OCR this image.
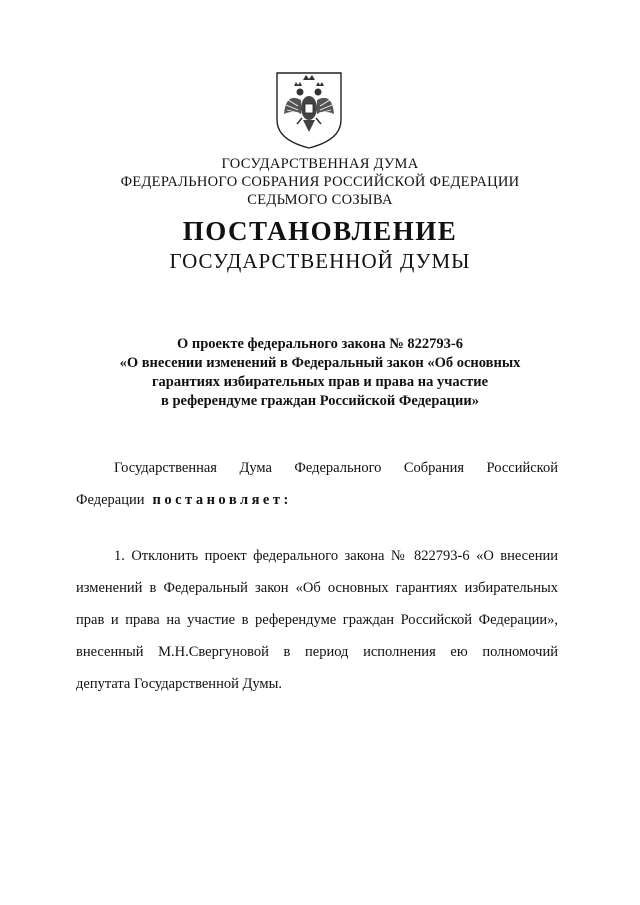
ГОСУДАРСТВЕННАЯ ДУМА
ФЕДЕРАЛЬНОГО СОБРАНИЯ РОССИЙСКОЙ ФЕДЕРАЦИИ
СЕДЬМОГО СОЗЫВА
ПОСТАНОВЛЕНИЕ
ГОСУДАРСТВЕННОЙ ДУМЫ
О проекте федерального закона № 822793-6
«О внесении изменений в Федеральный закон «Об основных
гарантиях избирательных прав и права на участие
в референдуме граждан Российской Федерации»
Государственная Дума Федерального Собрания Российской
Федерации постановляет:
1. Отклонить проект федерального закона № 822793-6 «О внесении
изменений в Федеральный закон «Об основных гарантиях избирательных
прав и права на участие в референдуме граждан Российской Федерации»,
внесенный М.Н.Свергуновой в период исполнения ею полномочий
депутата Государственной Думы.
